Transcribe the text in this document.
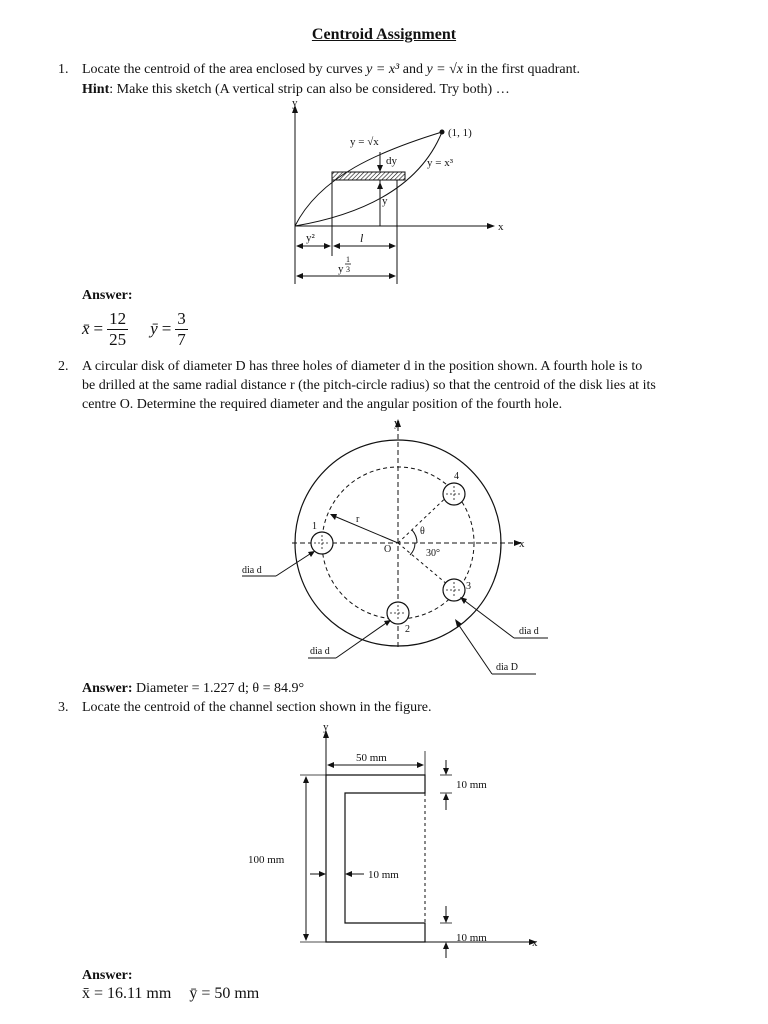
Centroid Assignment
1. Locate the centroid of the area enclosed by curves y = x³ and y = √x in the first quadrant.
Hint: Make this sketch (A vertical strip can also be considered. Try both) …
y
x
(1, 1)
y = √x
y = x³
dy
y
y²	l
y
1
3
Answer:
x̄ = $\frac{12}{25}$ ȳ = $\frac{3}{7}$
2. A circular disk of diameter D has three holes of diameter d in the position shown. A fourth hole is to
be drilled at the same radial distance r (the pitch-circle radius) so that the centroid of the disk lies at its
centre O. Determine the required diameter and the angular position of the fourth hole.
y
x
r
O
θ
30°
1
2
3
4
dia d
dia d
dia d
dia D
Answer: Diameter = 1.227 d; θ = 84.9°
3. Locate the centroid of the channel section shown in the figure.
y
x
50 mm
100 mm
10 mm
10 mm
10 mm
Answer:
x̄ = 16.11 mm ȳ = 50 mm
